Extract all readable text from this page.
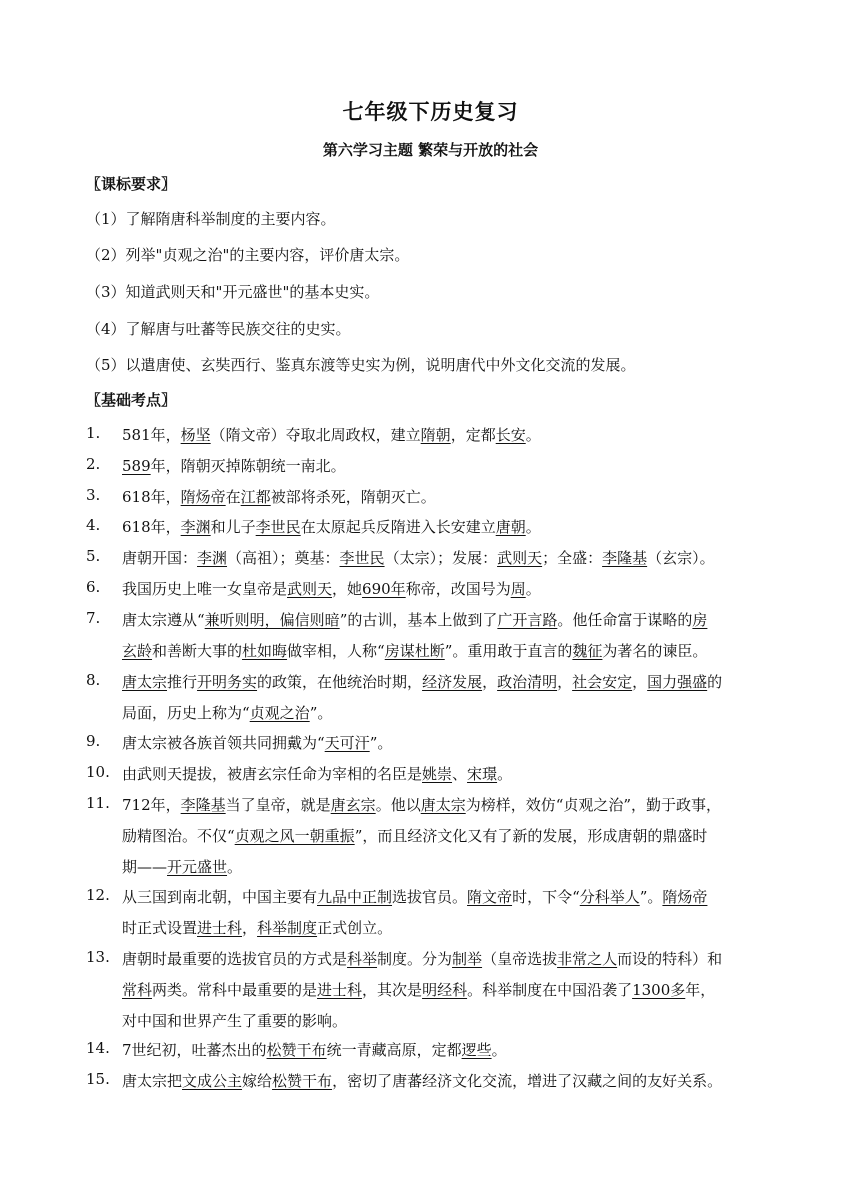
七年级下历史复习
第六学习主题 繁荣与开放的社会
〖课标要求〗
（1）了解隋唐科举制度的主要内容。
（2）列举"贞观之治"的主要内容，评价唐太宗。
（3）知道武则天和"开元盛世"的基本史实。
（4）了解唐与吐蕃等民族交往的史实。
（5）以遣唐使、玄奘西行、鉴真东渡等史实为例，说明唐代中外文化交流的发展。
〖基础考点〗
1.	581年，杨坚（隋文帝）夺取北周政权，建立隋朝，定都长安。
2.	589年，隋朝灭掉陈朝统一南北。
3.	618年，隋炀帝在江都被部将杀死，隋朝灭亡。
4.	618年，李渊和儿子李世民在太原起兵反隋进入长安建立唐朝。
5.	唐朝开国：李渊（高祖）；奠基：李世民（太宗）；发展：武则天；全盛：李隆基（玄宗）。
6.	我国历史上唯一女皇帝是武则天，她690年称帝，改国号为周。
7.	唐太宗遵从“兼听则明，偏信则暗”的古训，基本上做到了广开言路。他任命富于谋略的房
玄龄和善断大事的杜如晦做宰相，人称“房谋杜断”。重用敢于直言的魏征为著名的谏臣。
8.	唐太宗推行开明务实的政策，在他统治时期，经济发展，政治清明，社会安定，国力强盛的
局面，历史上称为“贞观之治”。
9.	唐太宗被各族首领共同拥戴为“天可汗”。
10. 由武则天提拔，被唐玄宗任命为宰相的名臣是姚崇、宋璟。
11. 712年，李隆基当了皇帝，就是唐玄宗。他以唐太宗为榜样，效仿“贞观之治”，勤于政事，
励精图治。不仅“贞观之风一朝重振”，而且经济文化又有了新的发展，形成唐朝的鼎盛时
期——开元盛世。
12. 从三国到南北朝，中国主要有九品中正制选拔官员。隋文帝时，下令“分科举人”。隋炀帝
时正式设置进士科，科举制度正式创立。
13. 唐朝时最重要的选拔官员的方式是科举制度。分为制举（皇帝选拔非常之人而设的特科）和
常科两类。常科中最重要的是进士科，其次是明经科。科举制度在中国沿袭了1300多年，
对中国和世界产生了重要的影响。
14. 7世纪初，吐蕃杰出的松赞干布统一青藏高原，定都逻些。
15. 唐太宗把文成公主嫁给松赞干布，密切了唐蕃经济文化交流，增进了汉藏之间的友好关系。
